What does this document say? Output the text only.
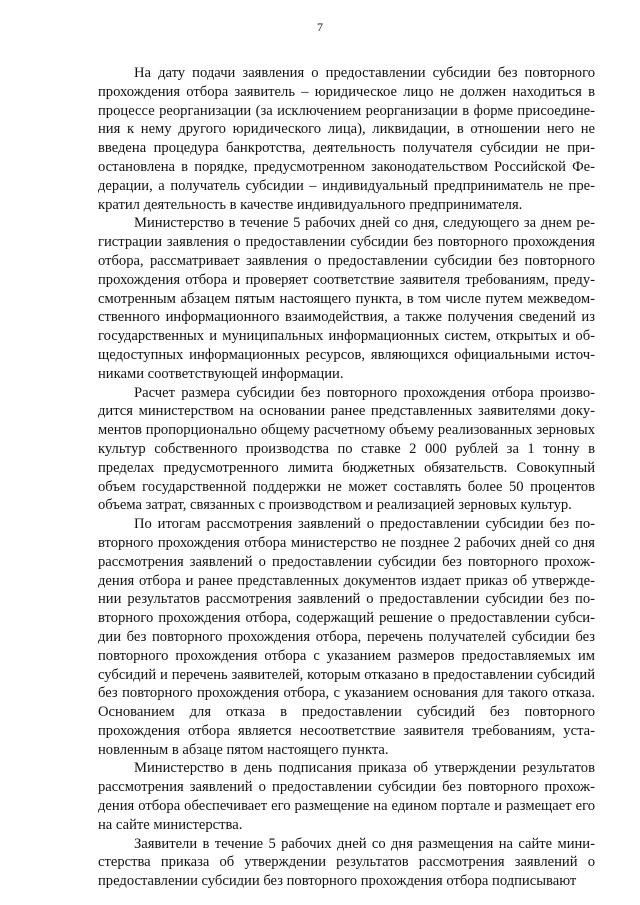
7

На дату подачи заявления о предоставлении субсидии без повторного прохождения отбора заявитель – юридическое лицо не должен находиться в процессе реорганизации (за исключением реорганизации в форме присоединения к нему другого юридического лица), ликвидации, в отношении него не введена процедура банкротства, деятельность получателя субсидии не приостановлена в порядке, предусмотренном законодательством Российской Федерации, а получатель субсидии – индивидуальный предприниматель не прекратил деятельность в качестве индивидуального предпринимателя.

Министерство в течение 5 рабочих дней со дня, следующего за днем регистрации заявления о предоставлении субсидии без повторного прохождения отбора, рассматривает заявления о предоставлении субсидии без повторного прохождения отбора и проверяет соответствие заявителя требованиям, предусмотренным абзацем пятым настоящего пункта, в том числе путем межведомственного информационного взаимодействия, а также получения сведений из государственных и муниципальных информационных систем, открытых и общедоступных информационных ресурсов, являющихся официальными источниками соответствующей информации.

Расчет размера субсидии без повторного прохождения отбора производится министерством на основании ранее представленных заявителями документов пропорционально общему расчетному объему реализованных зерновых культур собственного производства по ставке 2 000 рублей за 1 тонну в пределах предусмотренного лимита бюджетных обязательств. Совокупный объем государственной поддержки не может составлять более 50 процентов объема затрат, связанных с производством и реализацией зерновых культур.

По итогам рассмотрения заявлений о предоставлении субсидии без повторного прохождения отбора министерство не позднее 2 рабочих дней со дня рассмотрения заявлений о предоставлении субсидии без повторного прохождения отбора и ранее представленных документов издает приказ об утверждении результатов рассмотрения заявлений о предоставлении субсидии без повторного прохождения отбора, содержащий решение о предоставлении субсидии без повторного прохождения отбора, перечень получателей субсидии без повторного прохождения отбора с указанием размеров предоставляемых им субсидий и перечень заявителей, которым отказано в предоставлении субсидий без повторного прохождения отбора, с указанием основания для такого отказа. Основанием для отказа в предоставлении субсидий без повторного прохождения отбора является несоответствие заявителя требованиям, установленным в абзаце пятом настоящего пункта.

Министерство в день подписания приказа об утверждении результатов рассмотрения заявлений о предоставлении субсидии без повторного прохождения отбора обеспечивает его размещение на едином портале и размещает его на сайте министерства.

Заявители в течение 5 рабочих дней со дня размещения на сайте министерства приказа об утверждении результатов рассмотрения заявлений о предоставлении субсидии без повторного прохождения отбора подписывают
